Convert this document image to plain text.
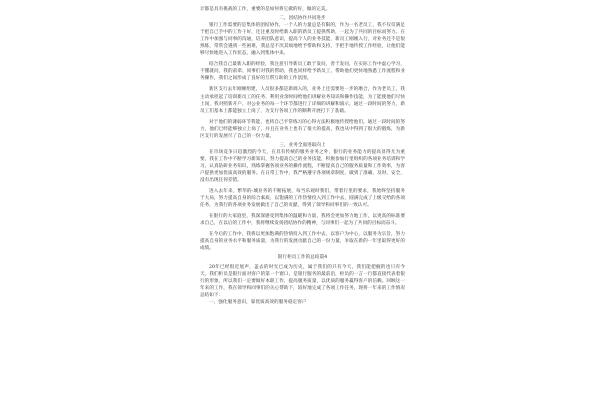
计都是具有挑战的工作，重要的是如何将它做的好，做的完美。

二，团结协作共同进步

银行工作需要的是集体的团结协作，一个人的力量总是有限的，作为一名老员工，我不仅仅满足于把自己手中的工作干好，还注重及时给新入职的新员工提供帮助，一起为了共同的目标而努力。在工作中加强与同事的沟通，培养团队意识，提高个人的业务技能，新员工刚刚入行，对业务还不是很熟练，常常会遇到一些困难，我总是不厌其烦地给予帮助和支持，手把手地传授工作经验，让他们能够尽快地进入工作状态，融入到集体中来。

结合我自己最新入职的经验，我注意引导新员工敢于发问，善于发问，在实际工作中虚心学习，不懂就问，我的前辈、同事们对我的帮助，我也同样给予新员工，帮助他们更快地熟悉工作流程和业务操作，我们之间形成了良好的互帮互助的工作氛围。

新区支行去年刚刚组建，人员很多都是新调入的，业务上还需要进一步的磨合，作为老员工，我主动承担起了培训新员工的任务，利用业余时间给他们讲解业务知识和操作技能，为了能使他们尽快上岗，我对照新开户、对公业务的每一个环节都进行了详细的讲解和演示，通过一段时间的努力，新员工们基本上都能独立上岗了，为支行各项工作的顺利开展打下了基础。

对于他们的薄弱环节我能，也将自己平常练习的心得方法积极地传授给他们。通过一段时间的努力，他们已经能够独立上岗了，并且在业务上也有了很大的提高，我也从中得到了很大的锻炼，为新区支行的发展尽了自己的一份力量。

三，业务全面进取向上

在市场竞争日趋激烈的今天，在具有传统的服务业务之外，银行的业务能力的提高显得尤为重要。我在工作中不断学习新知识，努力提高自己的业务技能，积极参加行里组织的各项业务培训和学习，认真钻研业务知识，熟练掌握各项业务的操作流程，不断提高自己的服务质量和工作效率，为客户提供更加优质高效的服务。在日常工作中，我严格遵守各项规章制度，做到了准确、及时、安全，没有出现任何差错。

进入去年来，繁华的-城业务的不断拓展，每当乐观时我们，带着行里的要求，我始终坚持服务于大局，努力提高自身的综合素质，以饱满的工作热情投入到工作中去，圆满完成了上级交给的各项任务，为我行的各项业务发展做出了自己的贡献，得到了领导和同事们的一致认可。

在银行的大家庭里，我深深感受到集体的温暖和力量，我将会更加努力地工作，以更高的标准要求自己，在以后的工作中，我将继续发扬团结协作的精神，与同事们一起为了共同的目标而奋斗。

在今后的工作中，我将以更加饱满的热情投入到工作中去，以客户为中心，以服务为宗旨，努力提高自身的业务水平和服务质量，为我行的发展贡献自己的一份力量，争取在新的一年里取得更好的成绩。

银行柜员工作的总结篇4

20年已经很近尾声，盖去的时光已成为历史，属于我们的只有今天，我们能把握的也只有今天。我们柜员是银行面对客户的第一个窗口，是银行服务的最前沿，柜员的一言一行都直接代表着银行的形象，所以我们一定要做好本职工作，提高服务质量，以优质的服务赢得客户的信赖。回顾这一年来的工作，我在领导和同事们的关心帮助下，较好地完成了各项工作任务，现将一年来的工作情况总结如下：

一、强化服务意识，靠优质高效的服务稳定客户
